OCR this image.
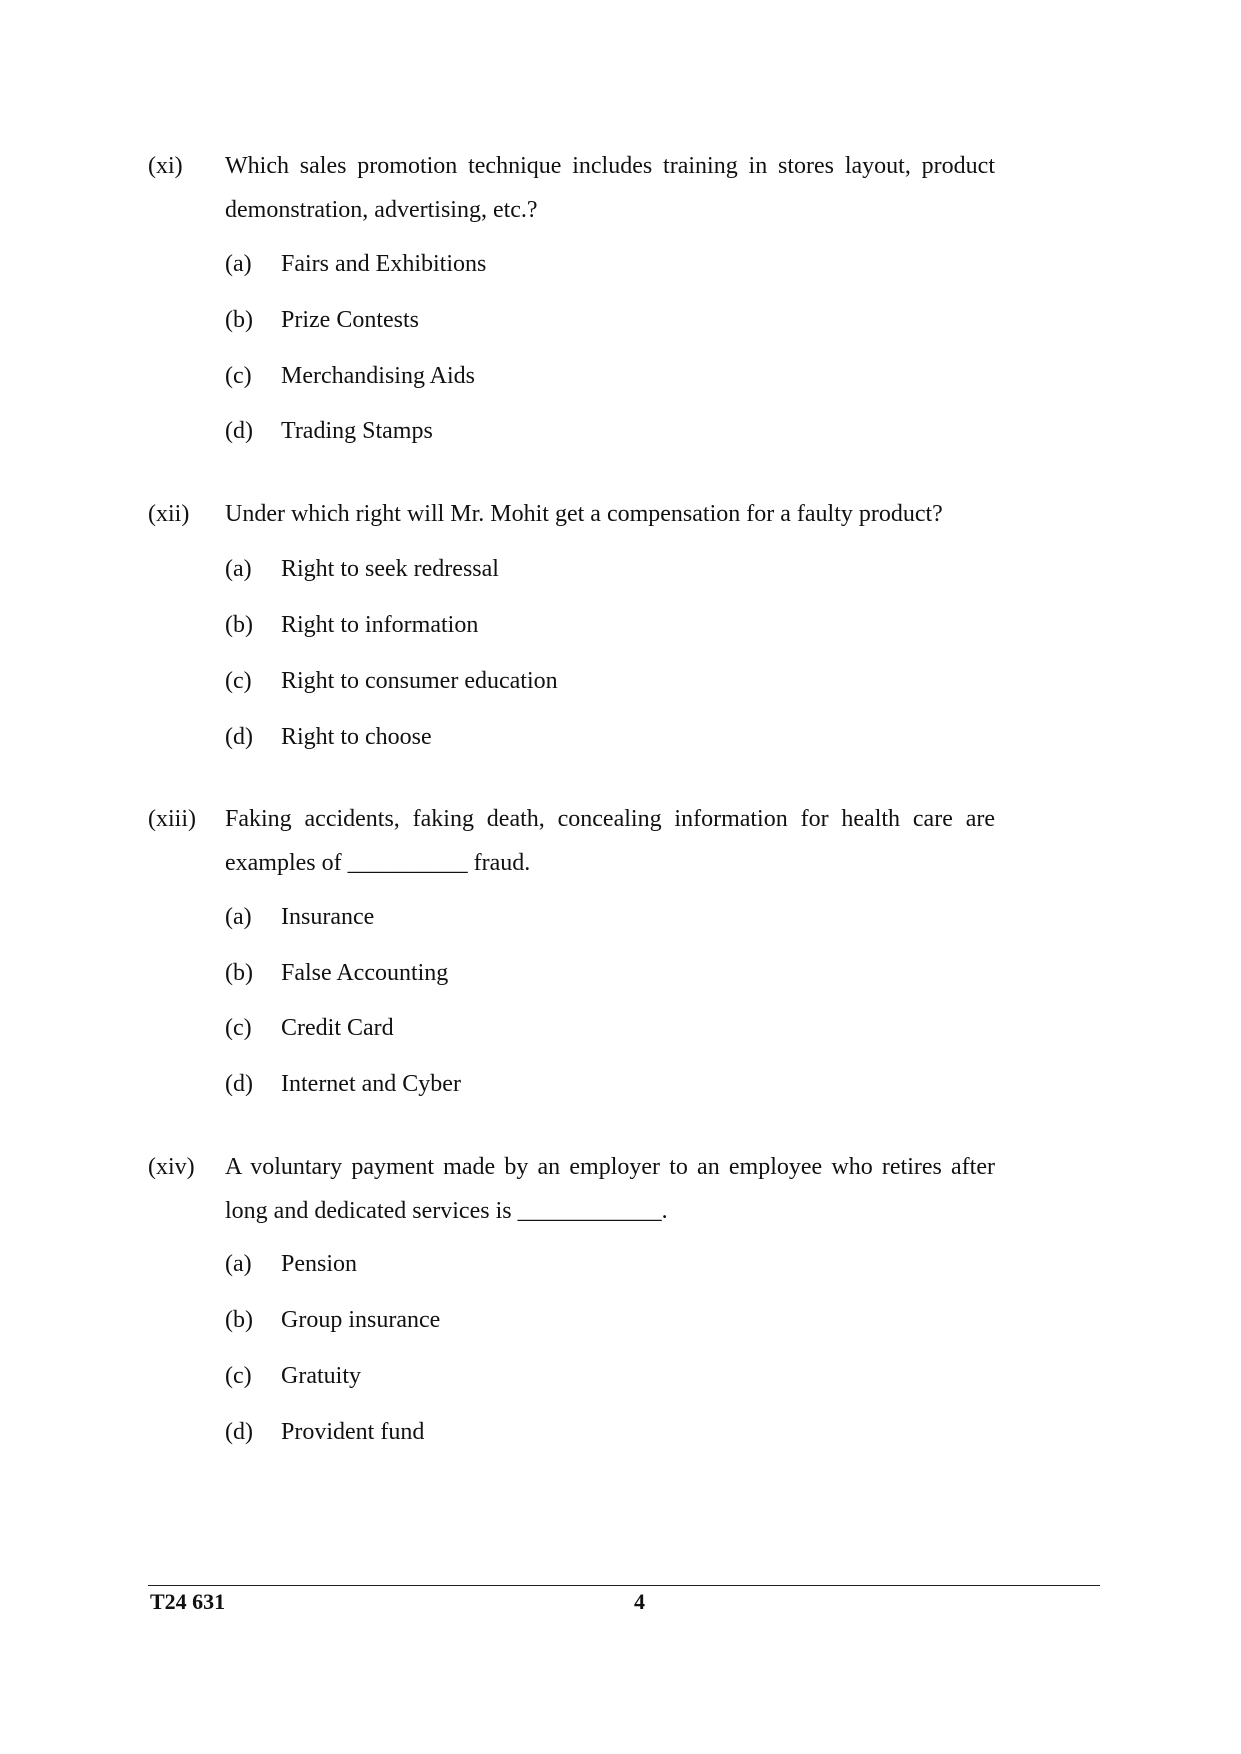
(xi) Which sales promotion technique includes training in stores layout, product
demonstration, advertising, etc.?
(a) Fairs and Exhibitions
(b) Prize Contests
(c) Merchandising Aids
(d) Trading Stamps
(xii) Under which right will Mr. Mohit get a compensation for a faulty product?
(a) Right to seek redressal
(b) Right to information
(c) Right to consumer education
(d) Right to choose
(xiii) Faking accidents, faking death, concealing information for health care are
examples of __________ fraud.
(a) Insurance
(b) False Accounting
(c) Credit Card
(d) Internet and Cyber
(xiv) A voluntary payment made by an employer to an employee who retires after
long and dedicated services is ____________.
(a) Pension
(b) Group insurance
(c) Gratuity
(d) Provident fund
T24 631	4
